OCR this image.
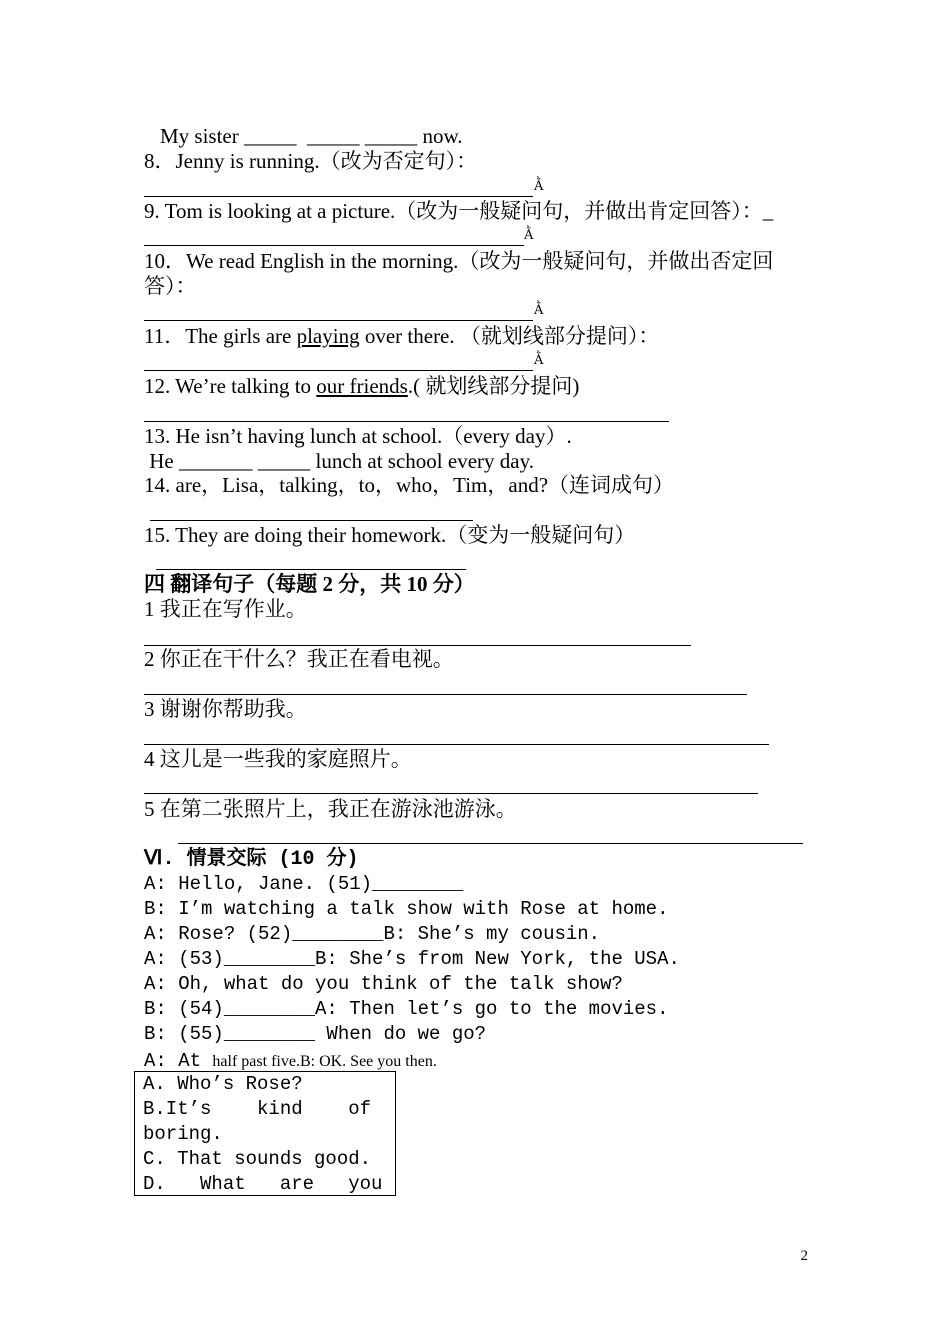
My sister _____  _____ _____ now.
8．Jenny is running.（改为否定句）：
Ằ
9. Tom is looking at a picture.（改为一般疑问句，并做出肯定回答）：_
Ằ
10．We read English in the morning.（改为一般疑问句，并做出否定回
答）：
Ằ
11．The girls are playing over there. （就划线部分提问）：
Ằ
12. We’re talking to our friends.( 就划线部分提问)
13. He isn’t having lunch at school.（every day）.
He _______ _____ lunch at school every day.
14. are，Lisa，talking，to，who，Tim，and?（连词成句）
15. They are doing their homework.（变为一般疑问句）
四 翻译句子（每题 2 分，共 10 分）
1 我正在写作业。
2 你正在干什么？我正在看电视。
3 谢谢你帮助我。
4 这儿是一些我的家庭照片。
5 在第二张照片上，我正在游泳池游泳。
Ⅵ. 情景交际 (10 分)
A: Hello, Jane. (51)________
B: I’m watching a talk show with Rose at home.
A: Rose? (52)________B: She’s my cousin.
A: (53)________B: She’s from New York, the USA.
A: Oh, what do you think of the talk show?
B: (54)________A: Then let’s go to the movies.
B: (55)________ When do we go?
A: At half past five.B: OK. See you then.
A. Who’s Rose?
B.It’s    kind    of
boring.
C. That sounds good.
D.   What   are   you
2
